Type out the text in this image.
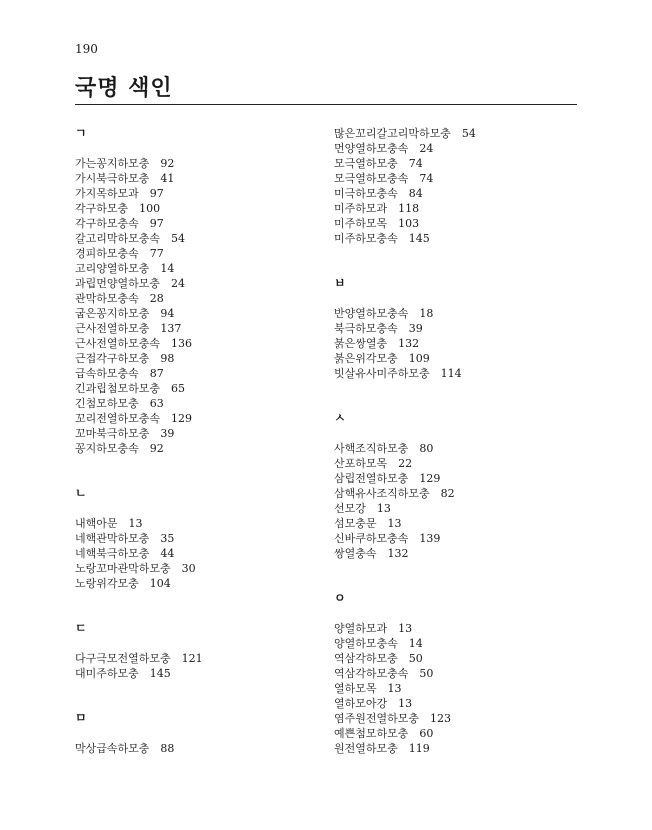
190
국명 색인
ㄱ
가는꽁지하모충 92
가시북극하모충 41
가지목하모과 97
각구하모충 100
각구하모충속 97
갈고리막하모충속 54
경피하모충속 77
고리양열하모충 14
과립먼양열하모충 24
관막하모충속 28
굽은꽁지하모충 94
근사전열하모충 137
근사전열하모충속 136
근접각구하모충 98
급속하모충속 87
긴과립첨모하모충 65
긴첨모하모충 63
꼬리전열하모충속 129
꼬마북극하모충 39
꽁지하모충속 92
ㄴ
내핵아문 13
네핵관막하모충 35
네핵북극하모충 44
노랑꼬마관막하모충 30
노랑위각모충 104
ㄷ
다구극모전열하모충 121
대미주하모충 145
ㅁ
막상급속하모충 88
많은꼬리갈고리막하모충 54
먼양열하모충속 24
모극열하모충 74
모극열하모충속 74
미극하모충속 84
미주하모과 118
미주하모목 103
미주하모충속 145
ㅂ
반양열하모충속 18
북극하모충속 39
붉은쌍열충 132
붉은위각모충 109
빗살유사미주하모충 114
ㅅ
사핵조직하모충 80
산포하모목 22
삼립전열하모충 129
삼핵유사조직하모충 82
선모강 13
섬모충문 13
신바쿠하모충속 139
쌍열충속 132
ㅇ
양열하모과 13
양열하모충속 14
역삼각하모충 50
역삼각하모충속 50
열하모목 13
열하모아강 13
염주원전열하모충 123
예쁜첨모하모충 60
원전열하모충 119
